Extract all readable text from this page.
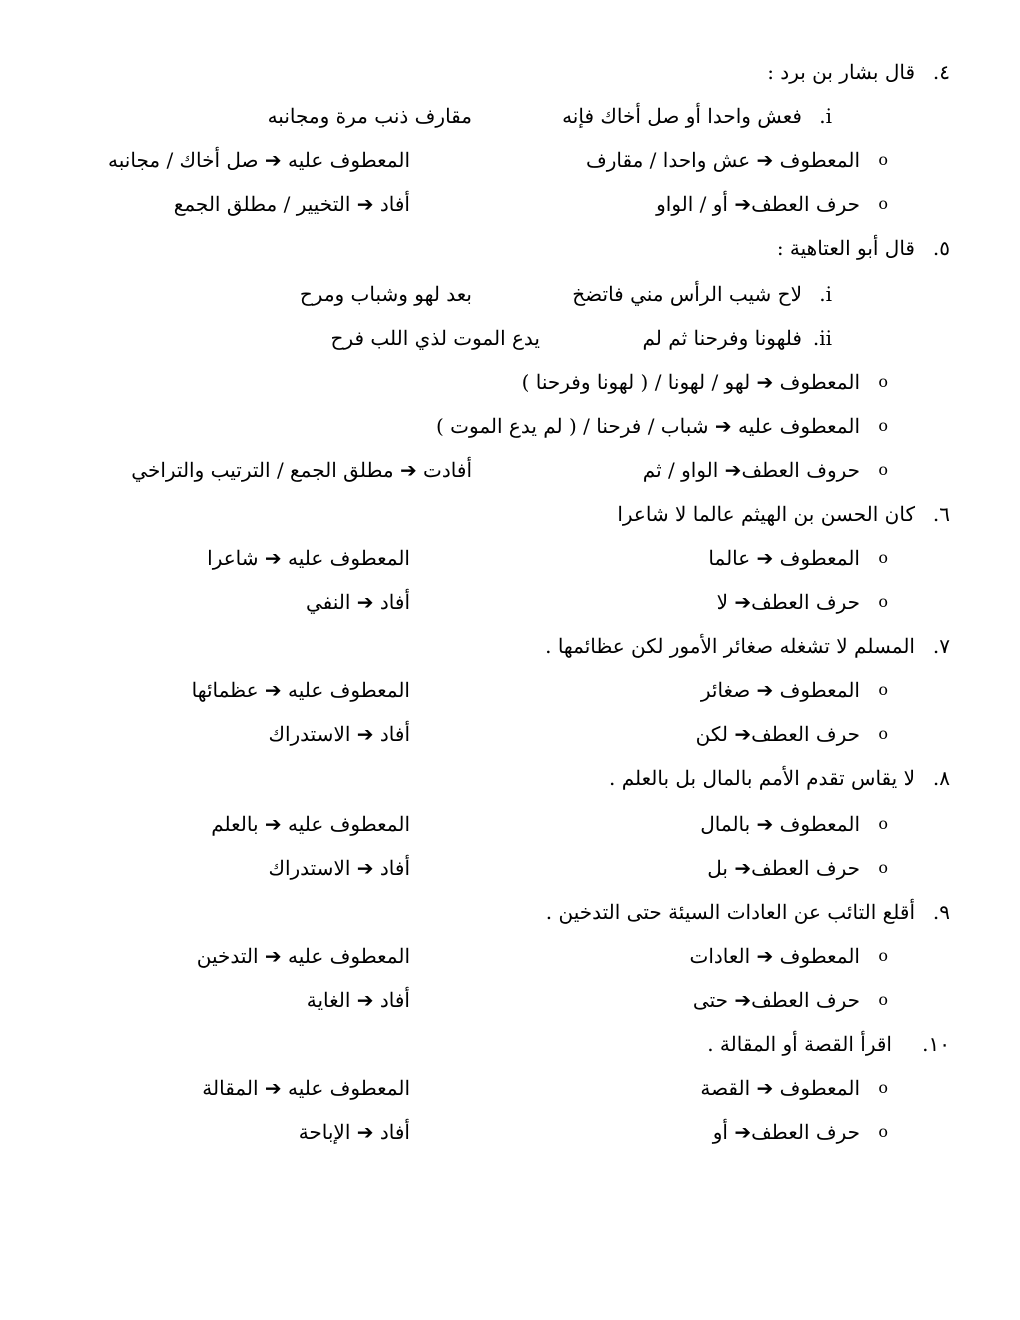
٤.
قال بشار بن برد :
i.
فعش واحدا أو صل أخاك فإنه
مقارف ذنب مرة ومجانبه
o
المعطوف ➔ عش واحدا / مقارف
المعطوف عليه ➔ صل أخاك / مجانبه
o
حرف العطف➔ أو / الواو
أفاد ➔ التخيير / مطلق الجمع
٥.
قال أبو العتاهية :
i.
لاح شيب الرأس مني فاتضخ
بعد لهو وشباب ومرح
ii.
فلهونا وفرحنا ثم لم
يدع الموت لذي اللب فرح
o
المعطوف ➔ لهو / لهونا / ( لهونا وفرحنا )
o
المعطوف عليه ➔ شباب / فرحنا / ( لم يدع الموت )
o
حروف العطف➔ الواو / ثم
أفادت ➔ مطلق الجمع / الترتيب والتراخي
٦.
كان الحسن بن الهيثم عالما لا شاعرا
o
المعطوف ➔ عالما
المعطوف عليه ➔ شاعرا
o
حرف العطف➔ لا
أفاد ➔ النفي
٧.
المسلم لا تشغله صغائر الأمور لكن عظائمها .
o
المعطوف ➔ صغائر
المعطوف عليه ➔ عظمائها
o
حرف العطف➔ لكن
أفاد ➔ الاستدراك
٨.
لا يقاس تقدم الأمم بالمال بل بالعلم .
o
المعطوف ➔ بالمال
المعطوف عليه ➔ بالعلم
o
حرف العطف➔ بل
أفاد ➔ الاستدراك
٩.
أقلع التائب عن العادات السيئة حتى التدخين .
o
المعطوف ➔ العادات
المعطوف عليه ➔ التدخين
o
حرف العطف➔ حتى
أفاد ➔ الغاية
١٠.
اقرأ القصة أو المقالة .
o
المعطوف ➔ القصة
المعطوف عليه ➔ المقالة
o
حرف العطف➔ أو
أفاد ➔ الإباحة
